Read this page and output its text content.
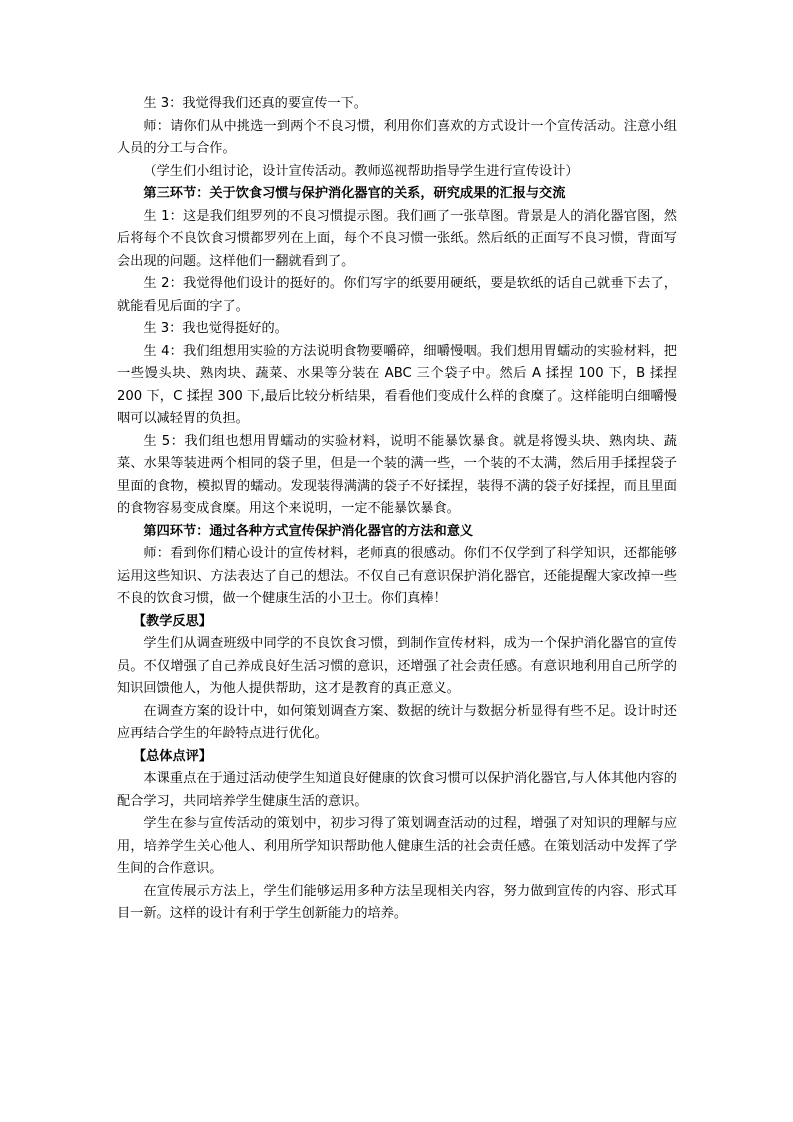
生 3：我觉得我们还真的要宣传一下。

师：请你们从中挑选一到两个不良习惯，利用你们喜欢的方式设计一个宣传活动。注意小组人员的分工与合作。

（学生们小组讨论，设计宣传活动。教师巡视帮助指导学生进行宣传设计）

第三环节：关于饮食习惯与保护消化器官的关系，研究成果的汇报与交流

生 1：这是我们组罗列的不良习惯提示图。我们画了一张草图。背景是人的消化器官图，然后将每个不良饮食习惯都罗列在上面，每个不良习惯一张纸。然后纸的正面写不良习惯，背面写会出现的问题。这样他们一翻就看到了。

生 2：我觉得他们设计的挺好的。你们写字的纸要用硬纸，要是软纸的话自己就垂下去了，就能看见后面的字了。

生 3：我也觉得挺好的。

生 4：我们组想用实验的方法说明食物要嚼碎，细嚼慢咽。我们想用胃蠕动的实验材料，把一些馒头块、熟肉块、蔬菜、水果等分装在 ABC 三个袋子中。然后 A 揉捏 100 下，B 揉捏 200 下，C 揉捏 300 下,最后比较分析结果，看看他们变成什么样的食糜了。这样能明白细嚼慢咽可以减轻胃的负担。

生 5：我们组也想用胃蠕动的实验材料，说明不能暴饮暴食。就是将馒头块、熟肉块、蔬菜、水果等装进两个相同的袋子里，但是一个装的满一些，一个装的不太满，然后用手揉捏袋子里面的食物，模拟胃的蠕动。发现装得满满的袋子不好揉捏，装得不满的袋子好揉捏，而且里面的食物容易变成食糜。用这个来说明，一定不能暴饮暴食。

第四环节：通过各种方式宣传保护消化器官的方法和意义

师：看到你们精心设计的宣传材料，老师真的很感动。你们不仅学到了科学知识，还都能够运用这些知识、方法表达了自己的想法。不仅自己有意识保护消化器官，还能提醒大家改掉一些不良的饮食习惯，做一个健康生活的小卫士。你们真棒！

【教学反思】

学生们从调查班级中同学的不良饮食习惯，到制作宣传材料，成为一个保护消化器官的宣传员。不仅增强了自己养成良好生活习惯的意识，还增强了社会责任感。有意识地利用自己所学的知识回馈他人，为他人提供帮助，这才是教育的真正意义。

在调查方案的设计中，如何策划调查方案、数据的统计与数据分析显得有些不足。设计时还应再结合学生的年龄特点进行优化。

【总体点评】

本课重点在于通过活动使学生知道良好健康的饮食习惯可以保护消化器官,与人体其他内容的配合学习，共同培养学生健康生活的意识。

学生在参与宣传活动的策划中，初步习得了策划调查活动的过程，增强了对知识的理解与应用，培养学生关心他人、利用所学知识帮助他人健康生活的社会责任感。在策划活动中发挥了学生间的合作意识。

在宣传展示方法上，学生们能够运用多种方法呈现相关内容，努力做到宣传的内容、形式耳目一新。这样的设计有利于学生创新能力的培养。
